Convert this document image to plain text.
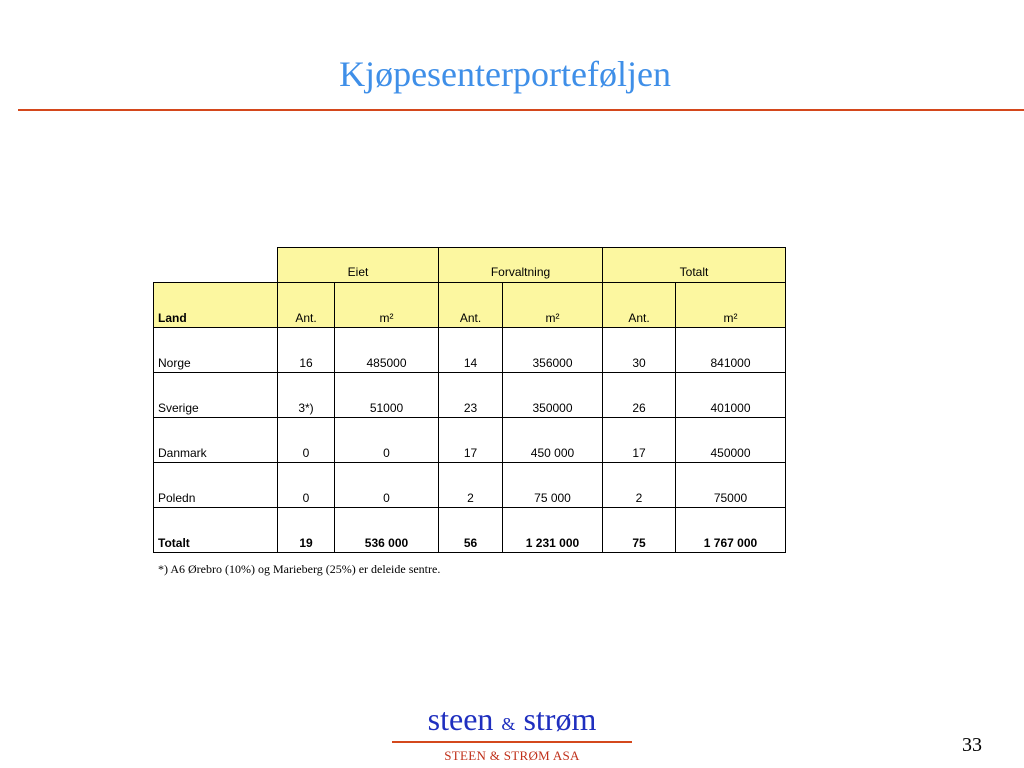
Kjøpesenterporteføljen
	Eiet		Forvaltning		Totalt	
Land	Ant.	m²	Ant.	m²	Ant.	m²
Norge	16	485000	14	356000	30	841000
Sverige	3*)	51000	23	350000	26	401000
Danmark	0	0	17	450 000	17	450000
Poledn	0	0	2	75 000	2	75000
Totalt	19	536 000	56	1 231 000	75	1 767 000
*) A6 Ørebro (10%) og Marieberg (25%) er deleide sentre.
steen & strøm
STEEN & STRØM ASA	33
